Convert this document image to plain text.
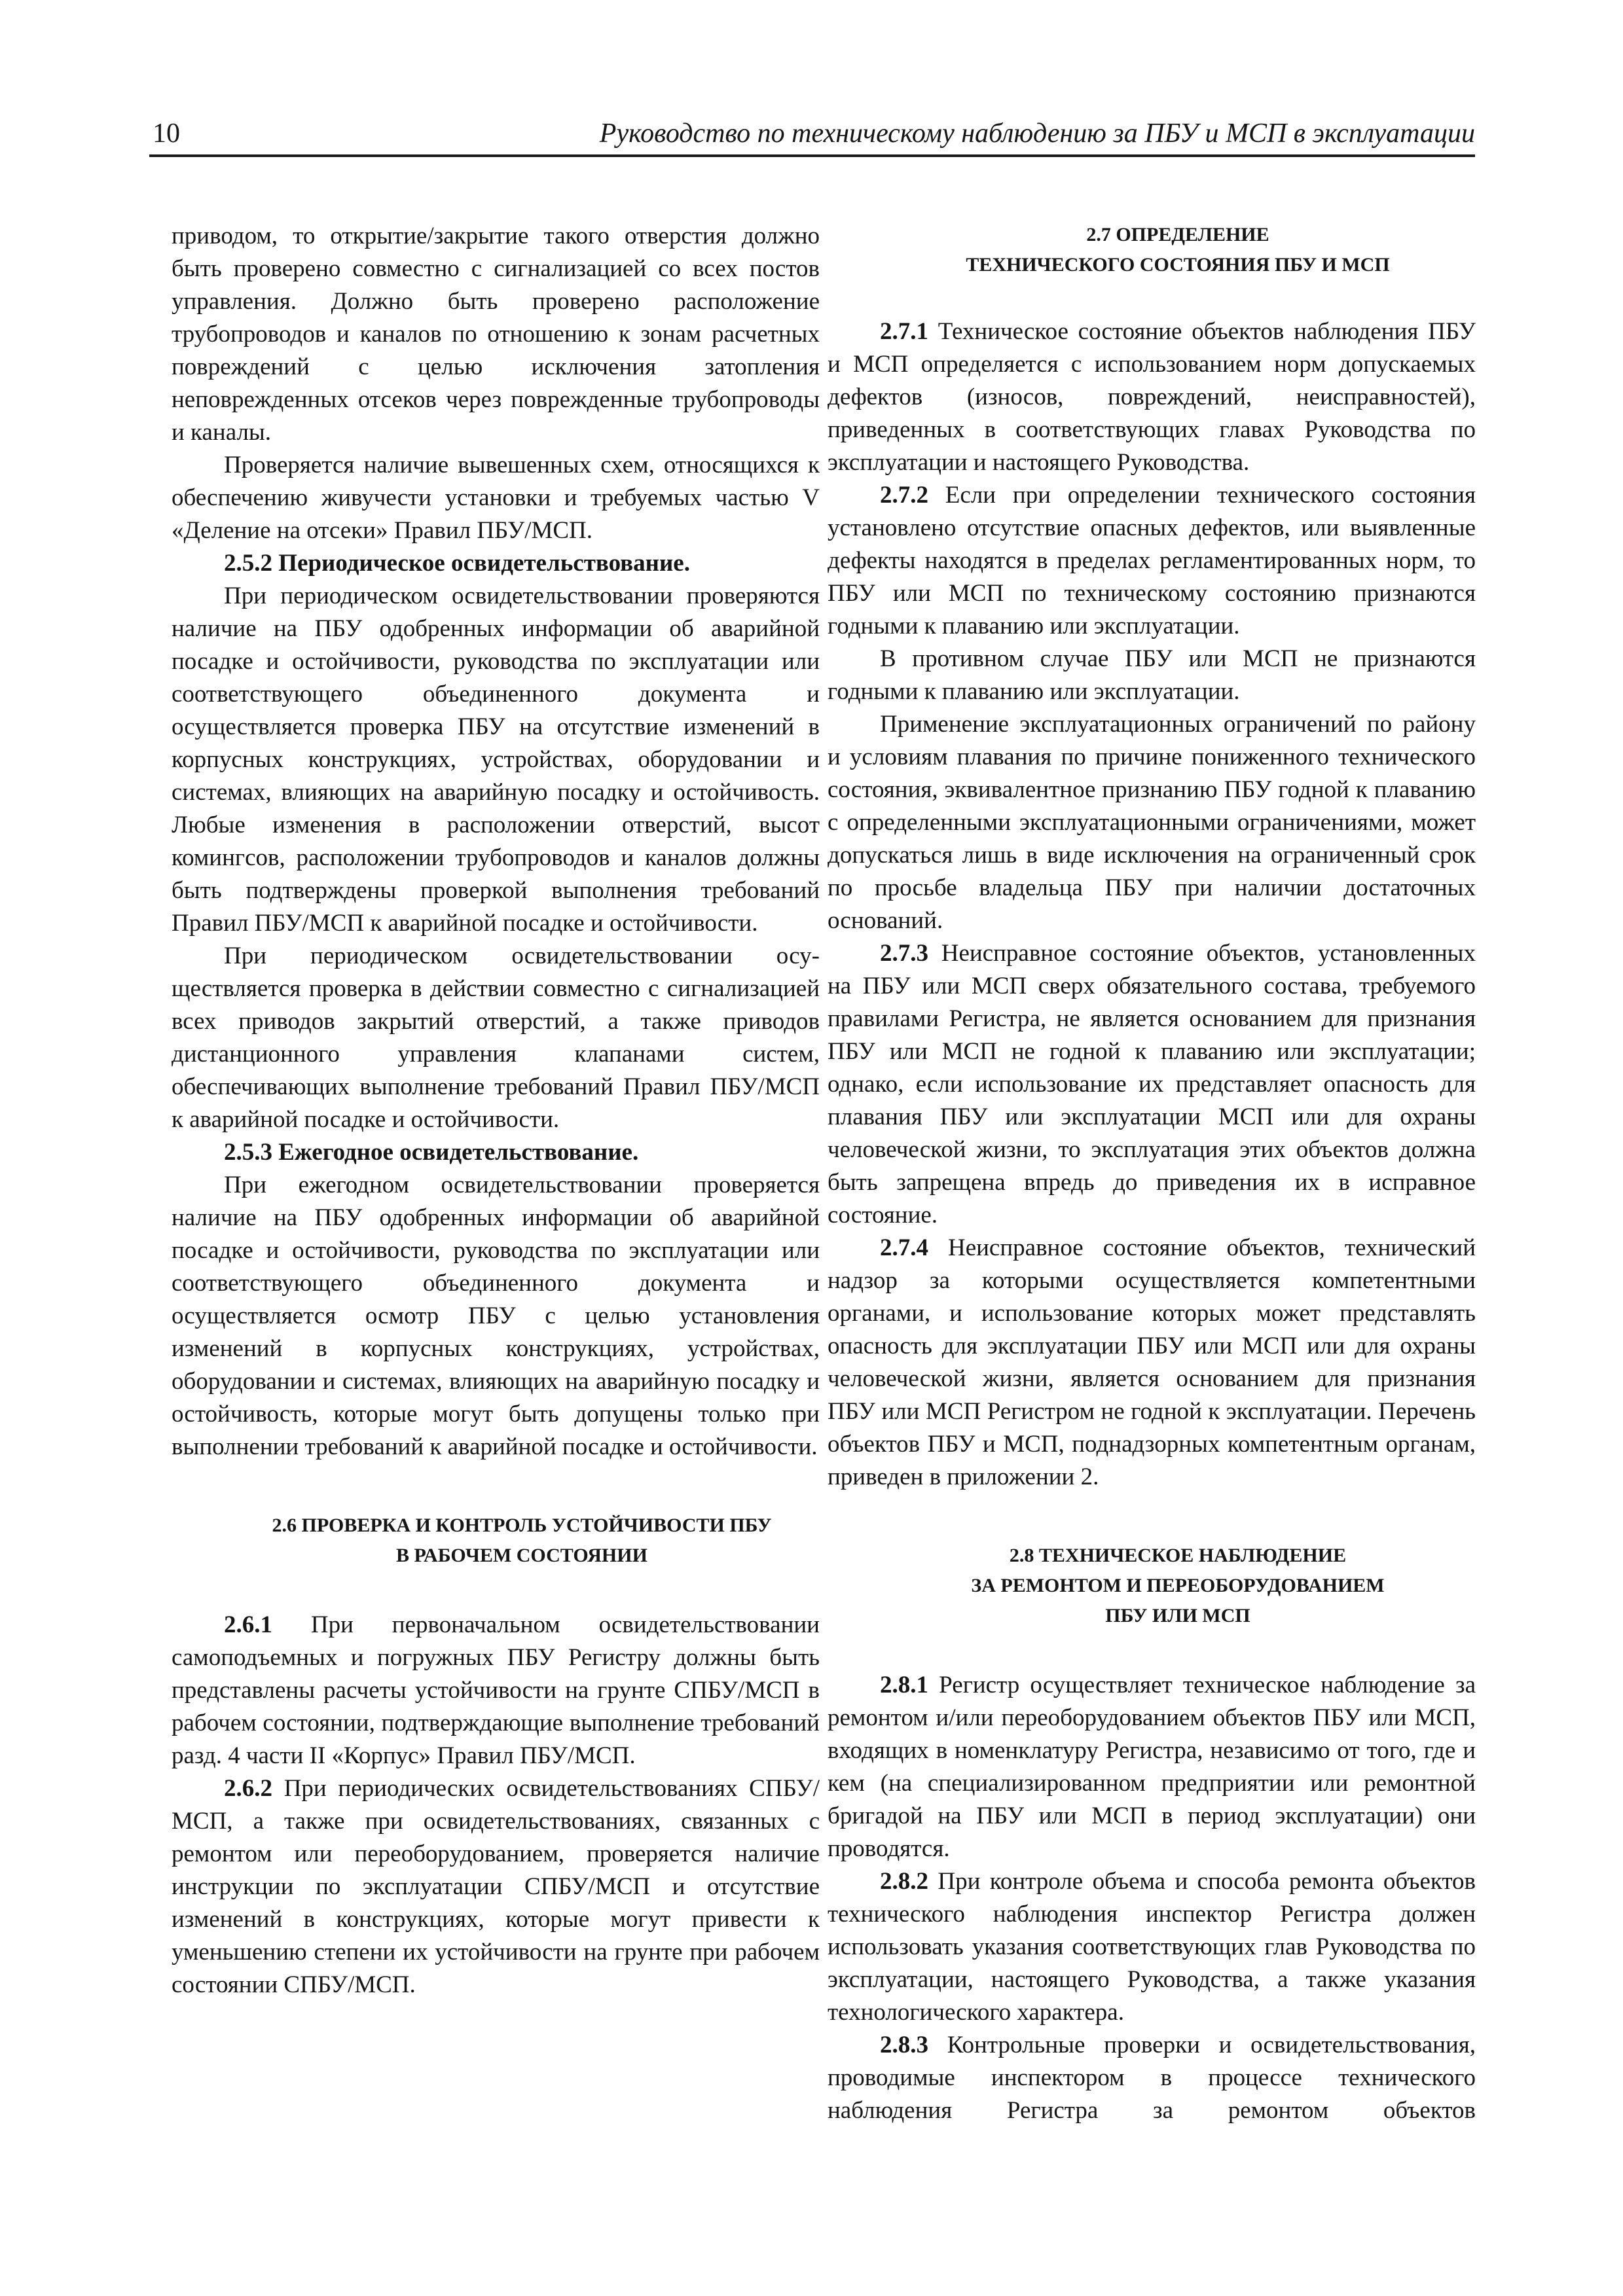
10	Руководство по техническому наблюдению за ПБУ и МСП в эксплуатации

приводом, то открытие/закрытие такого отверстия должно быть проверено совместно с сигнализацией со всех постов управления. Должно быть проверено расположение трубопроводов и каналов по отношению к зонам расчетных повреждений с целью исключения затопления неповрежденных отсеков через поврежденные трубопроводы и каналы.

Проверяется наличие вывешенных схем, относящихся к обеспечению живучести установки и требуемых частью V «Деление на отсеки» Правил ПБУ/МСП.

2.5.2 Периодическое освидетельствование.

При периодическом освидетельствовании проверяются наличие на ПБУ одобренных информации об аварийной посадке и остойчивости, руководства по эксплуатации или соответствующего объединенного документа и осуществляется проверка ПБУ на отсутствие изменений в корпусных конструкциях, устройствах, оборудовании и системах, влияющих на аварийную посадку и остойчивость. Любые изменения в расположении отверстий, высот комингсов, расположении трубопроводов и каналов должны быть подтверждены проверкой выполнения требований Правил ПБУ/МСП к аварийной посадке и остойчивости.

При периодическом освидетельствовании осуществляется проверка в действии совместно с сигнализацией всех приводов закрытий отверстий, а также приводов дистанционного управления клапанами систем, обеспечивающих выполнение требований Правил ПБУ/МСП к аварийной посадке и остойчивости.

2.5.3 Ежегодное освидетельствование.

При ежегодном освидетельствовании проверяется наличие на ПБУ одобренных информации об аварийной посадке и остойчивости, руководства по эксплуатации или соответствующего объединенного документа и осуществляется осмотр ПБУ с целью установления изменений в корпусных конструкциях, устройствах, оборудовании и системах, влияющих на аварийную посадку и остойчивость, которые могут быть допущены только при выполнении требований к аварийной посадке и остойчивости.

2.6 ПРОВЕРКА И КОНТРОЛЬ УСТОЙЧИВОСТИ ПБУ

В РАБОЧЕМ СОСТОЯНИИ

2.6.1 При первоначальном освидетельствовании самоподъемных и погружных ПБУ Регистру должны быть представлены расчеты устойчивости на грунте СПБУ/МСП в рабочем состоянии, подтверждающие выполнение требований разд. 4 части II «Корпус» Правил ПБУ/МСП.

2.6.2 При периодических освидетельствованиях СПБУ/МСП, а также при освидетельствованиях, связанных с ремонтом или переоборудованием, проверяется наличие инструкции по эксплуатации СПБУ/МСП и отсутствие изменений в конструкциях, которые могут привести к уменьшению степени их устойчивости на грунте при рабочем состоянии СПБУ/МСП.

2.7 ОПРЕДЕЛЕНИЕ

ТЕХНИЧЕСКОГО СОСТОЯНИЯ ПБУ И МСП

2.7.1 Техническое состояние объектов наблюдения ПБУ и МСП определяется с использованием норм допускаемых дефектов (износов, повреждений, неисправностей), приведенных в соответствующих главах Руководства по эксплуатации и настоящего Руководства.

2.7.2 Если при определении технического состояния установлено отсутствие опасных дефектов, или выявленные дефекты находятся в пределах регламентированных норм, то ПБУ или МСП по техническому состоянию признаются годными к плаванию или эксплуатации.

В противном случае ПБУ или МСП не признаются годными к плаванию или эксплуатации.

Применение эксплуатационных ограничений по району и условиям плавания по причине пониженного технического состояния, эквивалентное признанию ПБУ годной к плаванию с определенными эксплуатационными ограничениями, может допускаться лишь в виде исключения на ограниченный срок по просьбе владельца ПБУ при наличии достаточных оснований.

2.7.3 Неисправное состояние объектов, установленных на ПБУ или МСП сверх обязательного состава, требуемого правилами Регистра, не является основанием для признания ПБУ или МСП не годной к плаванию или эксплуатации; однако, если использование их представляет опасность для плавания ПБУ или эксплуатации МСП или для охраны человеческой жизни, то эксплуатация этих объектов должна быть запрещена впредь до приведения их в исправное состояние.

2.7.4 Неисправное состояние объектов, технический надзор за которыми осуществляется компетентными органами, и использование которых может представлять опасность для эксплуатации ПБУ или МСП или для охраны человеческой жизни, является основанием для признания ПБУ или МСП Регистром не годной к эксплуатации. Перечень объектов ПБУ и МСП, поднадзорных компетентным органам, приведен в приложении 2.

2.8 ТЕХНИЧЕСКОЕ НАБЛЮДЕНИЕ

ЗА РЕМОНТОМ И ПЕРЕОБОРУДОВАНИЕМ

ПБУ ИЛИ МСП

2.8.1 Регистр осуществляет техническое наблюдение за ремонтом и/или переоборудованием объектов ПБУ или МСП, входящих в номенклатуру Регистра, независимо от того, где и кем (на специализированном предприятии или ремонтной бригадой на ПБУ или МСП в период эксплуатации) они проводятся.

2.8.2 При контроле объема и способа ремонта объектов технического наблюдения инспектор Регистра должен использовать указания соответствующих глав Руководства по эксплуатации, настоящего Руководства, а также указания технологического характера.

2.8.3 Контрольные проверки и освидетельствования, проводимые инспектором в процессе технического наблюдения Регистра за ремонтом объектов
